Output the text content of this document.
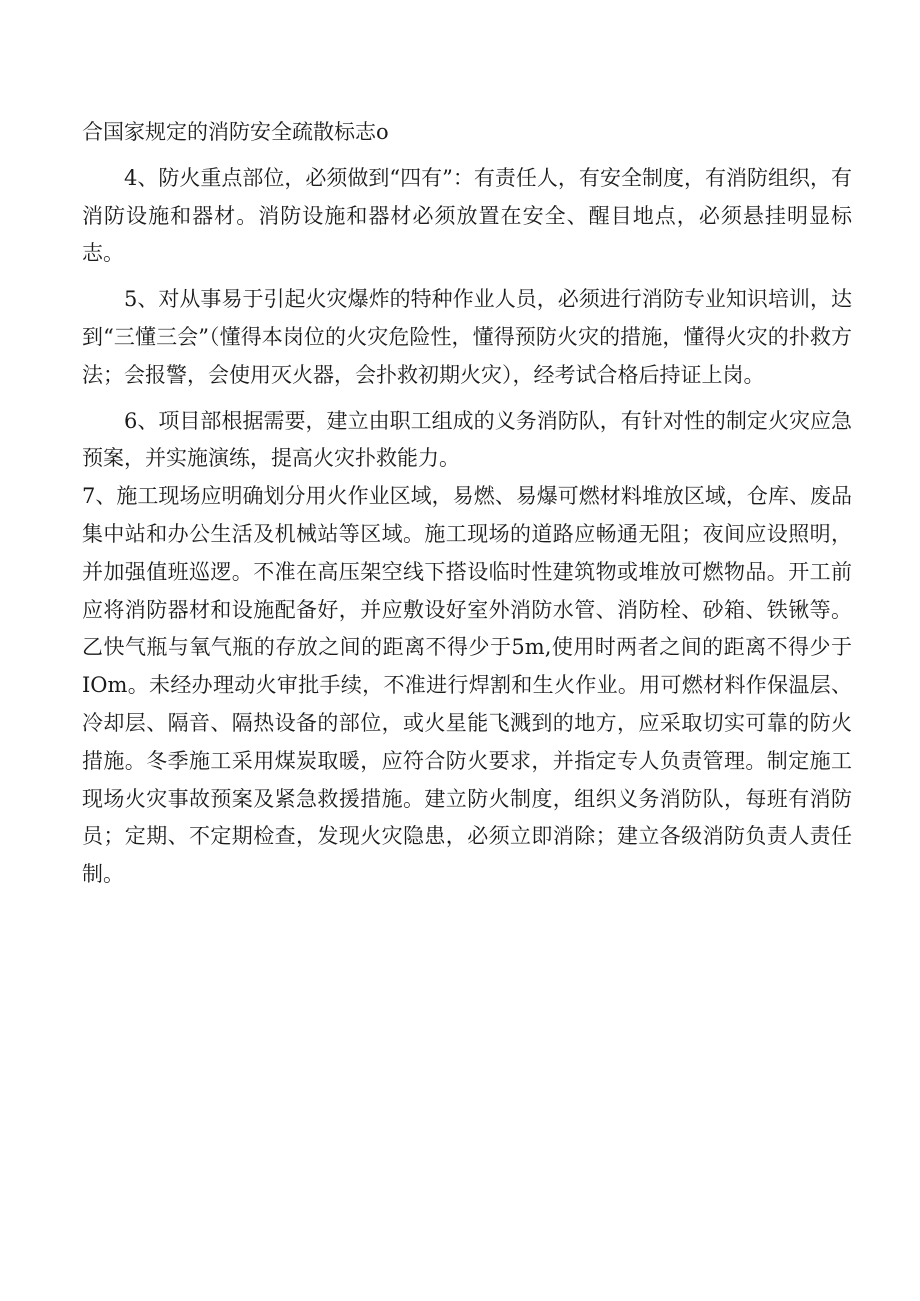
合国家规定的消防安全疏散标志o

4、防火重点部位，必须做到“四有”：有责任人，有安全制度，有消防组织，有消防设施和器材。消防设施和器材必须放置在安全、醒目地点，必须悬挂明显标志。

5、对从事易于引起火灾爆炸的特种作业人员，必须进行消防专业知识培训，达到“三懂三会”（懂得本岗位的火灾危险性，懂得预防火灾的措施，懂得火灾的扑救方法；会报警，会使用灭火器，会扑救初期火灾），经考试合格后持证上岗。

6、项目部根据需要，建立由职工组成的义务消防队，有针对性的制定火灾应急预案，并实施演练，提高火灾扑救能力。

7、施工现场应明确划分用火作业区域，易燃、易爆可燃材料堆放区域，仓库、废品集中站和办公生活及机械站等区域。施工现场的道路应畅通无阻；夜间应设照明，并加强值班巡逻。不准在高压架空线下搭设临时性建筑物或堆放可燃物品。开工前应将消防器材和设施配备好，并应敷设好室外消防水管、消防栓、砂箱、铁锹等。乙快气瓶与氧气瓶的存放之间的距离不得少于5m,使用时两者之间的距离不得少于IOm。未经办理动火审批手续，不准进行焊割和生火作业。用可燃材料作保温层、冷却层、隔音、隔热设备的部位，或火星能飞溅到的地方，应采取切实可靠的防火措施。冬季施工采用煤炭取暖，应符合防火要求，并指定专人负责管理。制定施工现场火灾事故预案及紧急救援措施。建立防火制度，组织义务消防队，每班有消防员；定期、不定期检查，发现火灾隐患，必须立即消除；建立各级消防负责人责任制。
